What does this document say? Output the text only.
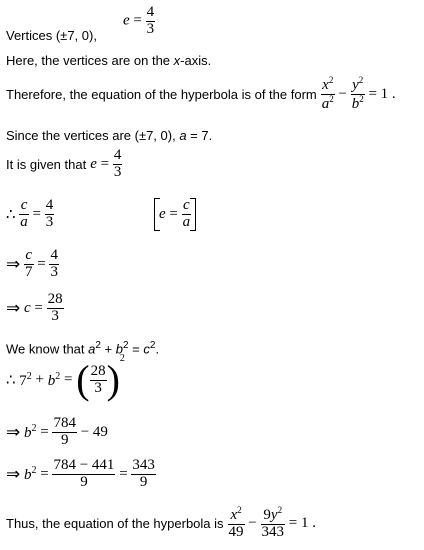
$_{Vertices (\pm 7, 0),}$
$e = \frac{4}{3}$
Here, the vertices are on the x-axis.
Therefore, the equation of the hyperbola is of the form $\frac{x^2}{a^2} - \frac{y^2}{b^2} = 1$ .
Since the vertices are (±7, 0), a = 7.
It is given that $e = \frac{4}{3}$
∴ $\frac{c}{a} = \frac{4}{3}$	$e = \frac{c}{a}$
⇒ $\frac{c}{7} = \frac{4}{3}$
⇒ $c = \frac{28}{3}$
We know that $a^2 + b^2 = c^2$.
∴ $7^2 + b^2$ = ( $\frac{28}{3} )^2$
⇒ $b^2 = \frac{784}{9} - 49$
⇒ $b^2 = \frac{784 - 441}{9} = \frac{343}{9}$
Thus, the equation of the hyperbola is $\frac{x^2}{49} - \frac{9y^2}{343} = 1$ .
